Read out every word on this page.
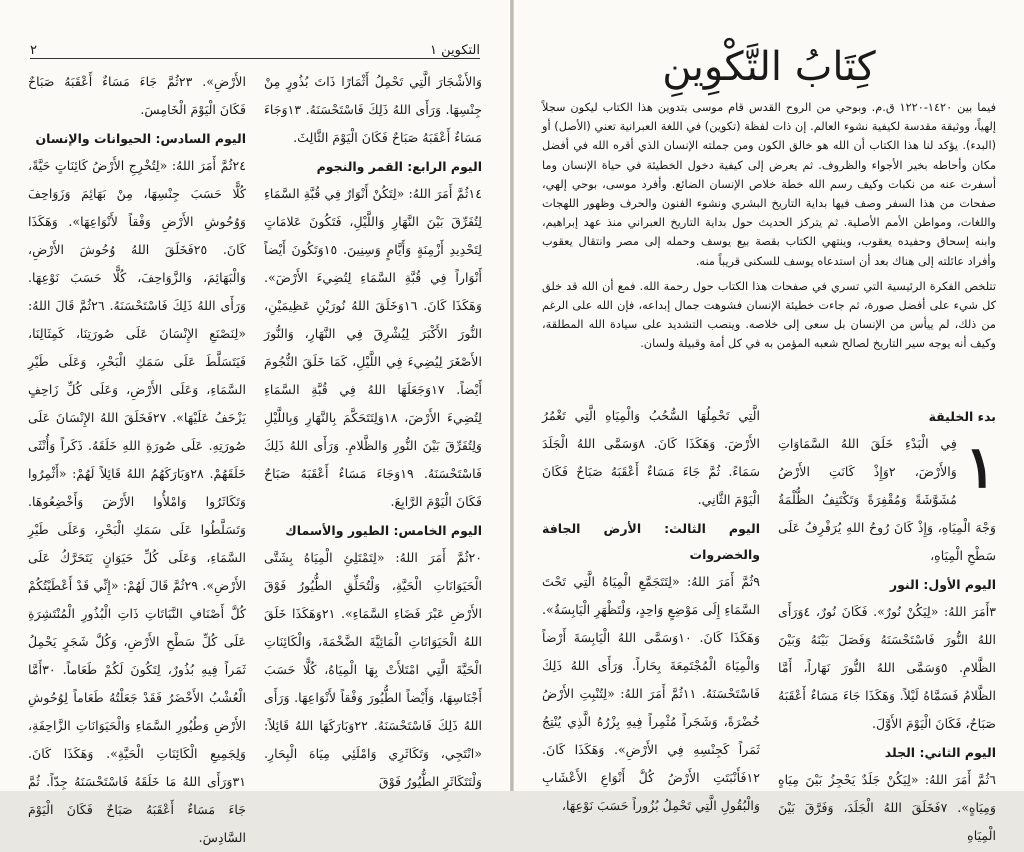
التكوين ١
٢

وَالأَشْجَارَ الَّتِي تَحْمِلُ أَثْمَارًا ذَاتَ بُذُورٍ مِنْ جِنْسِهَا. وَرَأَى اللهُ ذَلِكَ فَاسْتَحْسَنَهُ. ١٣وَجَاءَ مَسَاءٌ أَعْقَبَهُ صَبَاحٌ فَكَانَ الْيَوْمَ الثَّالِثَ.

اليوم الرابع: القمر والنجوم

١٤ثُمَّ أَمَرَ اللهُ: «لِتَكُنْ أَنْوَارٌ فِي قُبَّةِ السَّمَاءِ لِتُفَرِّقَ بَيْنَ النَّهَارِ وَاللَّيْلِ، فَتَكُونَ عَلامَاتٍ لِتَحْدِيدِ أَزْمِنَةٍ وَأَيَّامٍ وَسِنِينَ. ١٥وَتَكُونَ أَيْضاً أَنْوَاراً فِي قُبَّةِ السَّمَاءِ لِتُضِيءَ الأَرْضَ». وَهَكَذَا كَانَ. ١٦وَخَلَقَ اللهُ نُورَيْنِ عَظِيمَيْنِ، النُّورَ الأَكْبَرَ لِيُشْرِقَ فِي النَّهَارِ، وَالنُّورَ الأَصْغَرَ لِيُضِيءَ فِي اللَّيْلِ، كَمَا خَلَقَ النُّجُومَ أَيْضاً. ١٧وَجَعَلَهَا اللهُ فِي قُبَّةِ السَّمَاءِ لِتُضِيءَ الأَرْضَ، ١٨وَلِتَتَحَكَّمَ بِالنَّهَارِ وَبِاللَّيْلِ وَلِتُفَرِّقَ بَيْنَ النُّورِ وَالظَّلامِ. وَرَأَى اللهُ ذَلِكَ فَاسْتَحْسَنَهُ. ١٩وَجَاءَ مَسَاءٌ أَعْقَبَهُ صَبَاحٌ فَكَانَ الْيَوْمَ الرَّابِعَ.

اليوم الخامس: الطيور والأسماك

٢٠ثُمَّ أَمَرَ اللهُ: «لِتَمْتَلِئِ الْمِيَاهُ بِشَتَّى الْحَيَوَانَاتِ الْحَيَّةِ، وَلْتُحَلِّقِ الطُّيُورُ فَوْقَ الأَرْضِ عَبْرَ فَضَاءِ السَّمَاءِ». ٢١وَهَكَذَا خَلَقَ اللهُ الْحَيَوَانَاتِ الْمَائِيَّةَ الضَّخْمَةَ، وَالْكَائِنَاتِ الْحَيَّةَ الَّتِي امْتَلأَتْ بِهَا الْمِيَاهُ، كُلًّا حَسَبَ أَجْنَاسِهَا، وَأَيْضاً الطُّيُورَ وَفْقاً لأَنْوَاعِهَا. وَرَأَى اللهُ ذَلِكَ فَاسْتَحْسَنَهُ. ٢٢وَبَارَكَهَا اللهُ قَائِلاً: «انْتَجِي، وَتَكَاثَرِي وَامْلَئِي مِيَاهَ الْبِحَارِ. وَلْتَتَكَاثَرِ الطُّيُورُ فَوْقَ

الأَرْضِ». ٢٣ثُمَّ جَاءَ مَسَاءٌ أَعْقَبَهُ صَبَاحٌ فَكَانَ الْيَوْمَ الْخَامِسَ.

اليوم السادس: الحيوانات والإنسان

٢٤ثُمَّ أَمَرَ اللهُ: «لِتُخْرِجِ الأَرْضُ كَائِنَاتٍ حَيَّةً، كُلًّا حَسَبَ جِنْسِهَا، مِنْ بَهَائِمَ وَزَوَاحِفَ وَوُحُوشِ الأَرْضِ وَفْقاً لأَنْوَاعِهَا». وَهَكَذَا كَانَ. ٢٥فَخَلَقَ اللهُ وُحُوشَ الأَرْضِ، وَالْبَهَائِمَ، وَالزَّوَاحِفَ، كُلًّا حَسَبَ نَوْعِهَا. وَرَأَى اللهُ ذَلِكَ فَاسْتَحْسَنَهُ. ٢٦ثُمَّ قَالَ اللهُ: «لِنَصْنَعِ الإِنْسَانَ عَلَى صُورَتِنَا، كَمِثَالِنَا، فَيَتَسَلَّطَ عَلَى سَمَكِ الْبَحْرِ، وَعَلَى طَيْرِ السَّمَاءِ، وَعَلَى الأَرْضِ، وَعَلَى كُلِّ زَاحِفٍ يَزْحَفُ عَلَيْهَا». ٢٧فَخَلَقَ اللهُ الإِنْسَانَ عَلَى صُورَتِهِ. عَلَى صُورَةِ اللهِ خَلَقَهُ. ذَكَراً وَأُنْثَى خَلَقَهُمْ. ٢٨وَبَارَكَهُمُ اللهُ قَائِلاً لَهُمْ: «أَثْمِرُوا وَتَكَاثَرُوا وَامْلأُوا الأَرْضَ وَأَخْضِعُوهَا. وَتَسَلَّطُوا عَلَى سَمَكِ الْبَحْرِ، وَعَلَى طَيْرِ السَّمَاءِ، وَعَلَى كُلِّ حَيَوَانٍ يَتَحَرَّكُ عَلَى الأَرْضِ». ٢٩ثُمَّ قَالَ لَهُمْ: «إِنِّي قَدْ أَعْطَيْتُكُمْ كُلَّ أَصْنَافِ النَّبَاتَاتِ ذَاتِ الْبُذُورِ الْمُنْتَشِرَةِ عَلَى كُلِّ سَطْحِ الأَرْضِ، وَكُلَّ شَجَرٍ يَحْمِلُ ثَمَراً فِيهِ بُذُورٌ، لِتَكُونَ لَكُمْ طَعَاماً. ٣٠أَمَّا الْعُشْبُ الأَخْضَرُ فَقَدْ جَعَلْتُهُ طَعَاماً لِوُحُوشِ الأَرْضِ وَطُيُورِ السَّمَاءِ وَالْحَيَوَانَاتِ الزَّاحِفَةِ، وَلِجَمِيعِ الْكَائِنَاتِ الْحَيَّةِ». وَهَكَذَا كَانَ. ٣١وَرَأَى اللهُ مَا خَلَقَهُ فَاسْتَحْسَنَهُ جِدّاً. ثُمَّ جَاءَ مَسَاءٌ أَعْقَبَهُ صَبَاحٌ فَكَانَ الْيَوْمَ السَّادِسَ.

كِتَابُ التَّكْوِينِ

فيما بين ١٤٢٠-١٢٢٠ ق.م. وبوحي من الروح القدس قام موسى بتدوين هذا الكتاب ليكون سجلاً إلهياً، ووثيقة مقدسة لكيفية نشوء العالم. إن ذات لفظة (تكوين) في اللغة العبرانية تعني (الأصل) أو (البدء). يؤكد لنا هذا الكتاب أن الله هو خالق الكون ومن جملته الإنسان الذي أقره الله في أفضل مكان وأحاطه بخير الأجواء والظروف. ثم يعرض إلى كيفية دخول الخطيئة في حياة الإنسان وما أسفرت عنه من نكبات وكيف رسم الله خطة خلاص الإنسان الضائع. وأفرد موسى، بوحي إلهي، صفحات من هذا السفر وصف فيها بداية التاريخ البشري ونشوء الفنون والحرف وظهور اللهجات واللغات، ومواطن الأمم الأصلية. ثم يتركز الحديث حول بداية التاريخ العبراني منذ عهد إبراهيم، وابنه إسحاق وحفيده يعقوب، وينتهي الكتاب بقصة بيع يوسف وحمله إلى مصر وانتقال يعقوب وأفراد عائلته إلى هناك بعد أن استدعاه يوسف للسكنى قريباً منه.

تتلخص الفكرة الرئيسية التي تسري في صفحات هذا الكتاب حول رحمة الله. فمع أن الله قد خلق كل شيء على أفضل صورة، ثم جاءت خطيئة الإنسان فشوهت جمال إبداعه، فإن الله على الرغم من ذلك، لم ييأس من الإنسان بل سعى إلى خلاصه. وينصب التشديد على سيادة الله المطلقة، وكيف أنه يوجه سير التاريخ لصالح شعبه المؤمن به في كل أمة وقبيلة ولسان.

بدء الخليقة
١

فِي الْبَدْءِ خَلَقَ اللهُ السَّمَاوَاتِ وَالأَرْضَ، ٢وَإِذْ كَانَتِ الأَرْضُ مُشَوَّشَةً وَمُقْفِرَةً وَتَكْتَنِفُ الظُّلْمَةُ وَجْهَ الْمِيَاهِ، وَإِذْ كَانَ رُوحُ اللهِ يُرَفْرِفُ عَلَى سَطْحِ الْمِيَاهِ،

اليوم الأول: النور

٣أَمَرَ اللهُ: «لِيَكُنْ نُورٌ». فَكَانَ نُورٌ، ٤وَرَأَى اللهُ النُّورَ فَاسْتَحْسَنَهُ وَفَصَلَ بَيْنَهُ وَبَيْنَ الظَّلامِ. ٥وَسَمَّى اللهُ النُّورَ نَهَاراً، أَمَّا الظَّلامُ فَسَمَّاهُ لَيْلاً. وَهَكَذَا جَاءَ مَسَاءٌ أَعْقَبَهُ صَبَاحٌ، فَكَانَ الْيَوْمَ الأَوَّلَ.

اليوم الثاني: الجلد

٦ثُمَّ أَمَرَ اللهُ: «لِيَكُنْ جَلَدٌ يَحْجِزُ بَيْنَ مِيَاهٍ وَمِيَاهٍ». ٧فَخَلَقَ اللهُ الْجَلَدَ، وَفَرَّقَ بَيْنَ الْمِيَاهِ

الَّتِي تَحْمِلُهَا السُّحُبُ وَالْمِيَاهِ الَّتِي تَغْمُرُ الأَرْضَ. وَهَكَذَا كَانَ. ٨وَسَمَّى اللهُ الْجَلَدَ سَمَاءً. ثُمَّ جَاءَ مَسَاءٌ أَعْقَبَهُ صَبَاحٌ فَكَانَ الْيَوْمَ الثَّانِي.

اليوم الثالث: الأرض الجافة والخضروات

٩ثُمَّ أَمَرَ اللهُ: «لِتَتَجَمَّعِ الْمِيَاهُ الَّتِي تَحْتَ السَّمَاءِ إِلَى مَوْضِعٍ وَاحِدٍ، وَلْتَظْهَرِ الْيَابِسَةُ». وَهَكَذَا كَانَ. ١٠وَسَمَّى اللهُ الْيَابِسَةَ أَرْضاً وَالْمِيَاهَ الْمُجْتَمِعَةَ بِحَاراً. وَرَأَى اللهُ ذَلِكَ فَاسْتَحْسَنَهُ. ١١ثُمَّ أَمَرَ اللهُ: «لِتُنْبِتِ الأَرْضُ خُضْرَةً، وَشَجَراً مُثْمِراً فِيهِ بِزْرُهُ الَّذِي يُنْتِجُ ثَمَراً كَجِنْسِهِ فِي الأَرْضِ». وَهَكَذَا كَانَ. ١٢فَأَنْبَتَتِ الأَرْضُ كُلَّ أَنْوَاعِ الأَعْشَابِ وَالْبُقُولِ الَّتِي تَحْمِلُ بُزُوراً حَسَبَ نَوْعِهَا،
